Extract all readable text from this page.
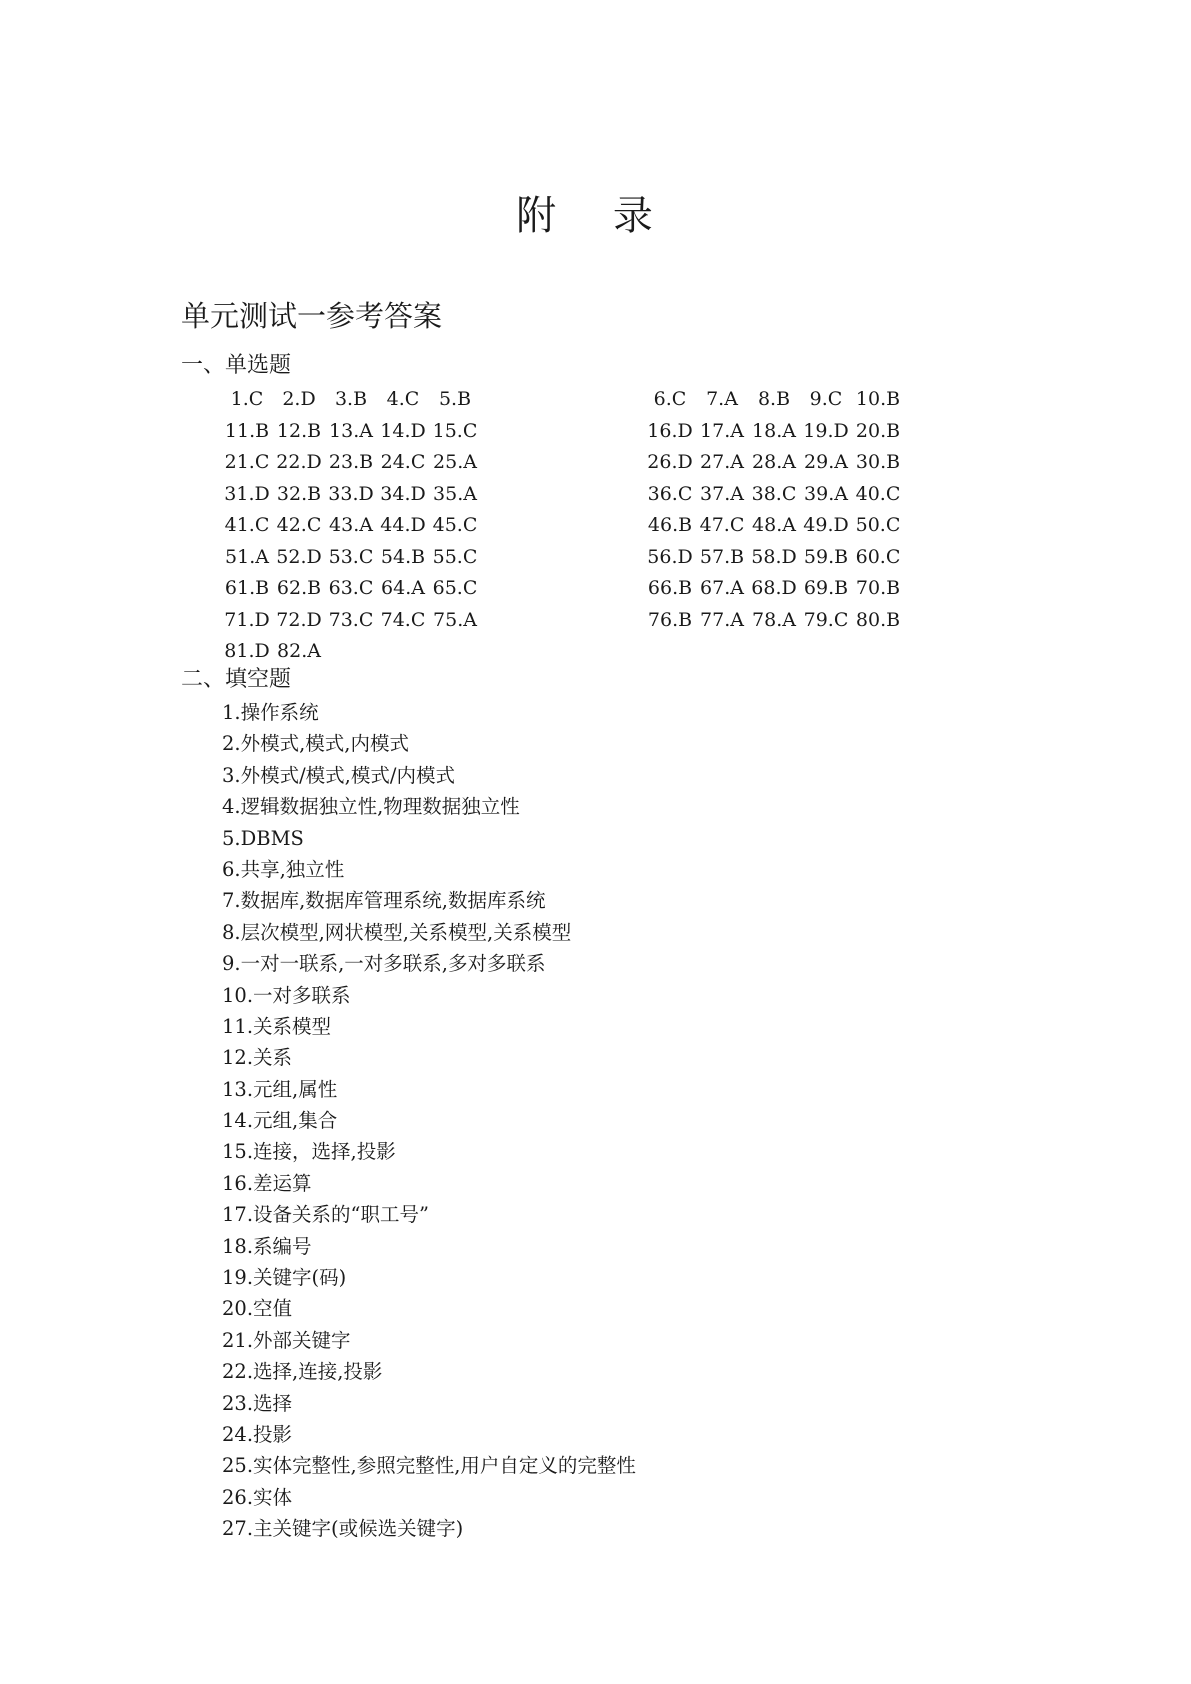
附 录
单元测试一参考答案
一、单选题
1.C 2.D	3.B	4.C	5.B	6.C	7.A	8.B	9.C 10.B
11.B 12.B 13.A 14.D 15.C	16.D 17.A 18.A 19.D 20.B
21.C 22.D 23.B 24.C 25.A	26.D 27.A 28.A 29.A 30.B
31.D 32.B 33.D 34.D 35.A	36.C 37.A 38.C 39.A 40.C
41.C 42.C 43.A 44.D 45.C	46.B 47.C 48.A 49.D 50.C
51.A 52.D 53.C 54.B 55.C	56.D 57.B 58.D 59.B 60.C
61.B 62.B 63.C 64.A 65.C	66.B 67.A 68.D 69.B 70.B
71.D 72.D 73.C 74.C 75.A	76.B 77.A 78.A 79.C 80.B
81.D 82.A
二、填空题
1.操作系统
2.外模式,模式,内模式
3.外模式/模式,模式/内模式
4.逻辑数据独立性,物理数据独立性
5.DBMS
6.共享,独立性
7.数据库,数据库管理系统,数据库系统
8.层次模型,网状模型,关系模型,关系模型
9.一对一联系,一对多联系,多对多联系
10.一对多联系
11.关系模型
12.关系
13.元组,属性
14.元组,集合
15.连接，选择,投影
16.差运算
17.设备关系的“职工号”
18.系编号
19.关键字(码)
20.空值
21.外部关键字
22.选择,连接,投影
23.选择
24.投影
25.实体完整性,参照完整性,用户自定义的完整性
26.实体
27.主关键字(或候选关键字)
